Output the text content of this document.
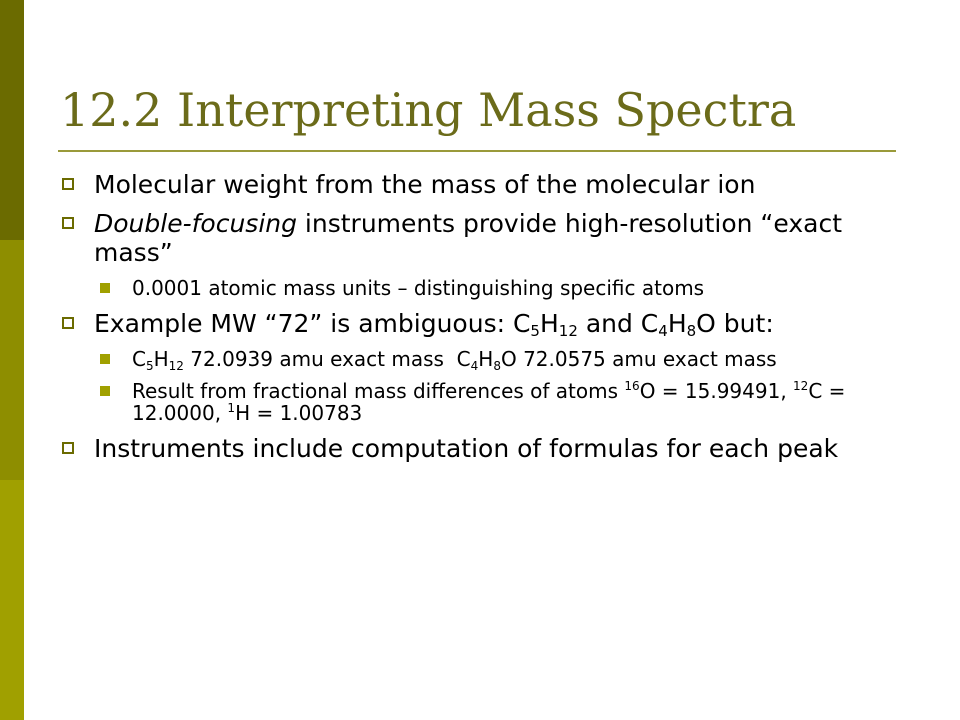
12.2 Interpreting Mass Spectra
Molecular weight from the mass of the molecular ion
Double-focusing instruments provide high-resolution “exact mass”
0.0001 atomic mass units – distinguishing specific atoms
Example MW “72” is ambiguous: $C_5H_{12}$ and $C_4H_8O$ but:
$C_5H_{12}$ 72.0939 amu exact mass  $C_4H_8O$ 72.0575 amu exact mass
Result from fractional mass differences of atoms $^{16}$O = 15.99491, $^{12}$C = 12.0000, $^1$H = 1.00783
Instruments include computation of formulas for each peak
